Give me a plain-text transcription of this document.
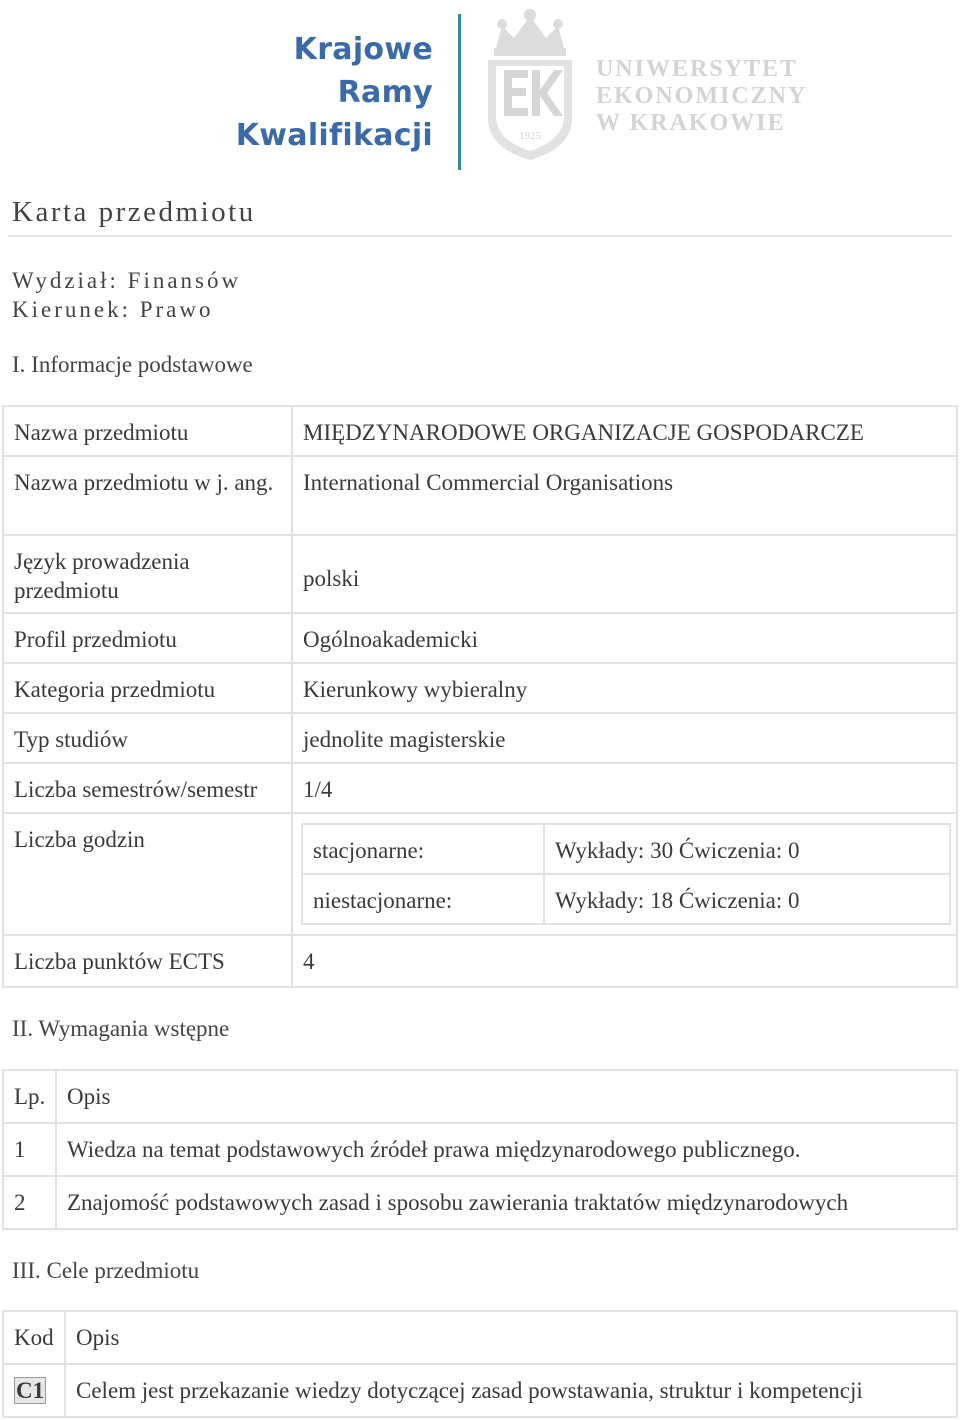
Krajowe
Ramy
Kwalifikacji	1925
UNIWERSYTET
EKONOMICZNY
W KRAKOWIE
Karta przedmiotu
Wydział: Finansów
Kierunek: Prawo
I. Informacje podstawowe
Nazwa przedmiotu	MIĘDZYNARODOWE ORGANIZACJE GOSPODARCZE
Nazwa przedmiotu w j. ang.	International Commercial Organisations
Język prowadzenia przedmiotu	polski
Profil przedmiotu	Ogólnoakademicki
Kategoria przedmiotu	Kierunkowy wybieralny
Typ studiów	jednolite magisterskie
Liczba semestrów/semestr	1/4
Liczba godzin		stacjonarne:	Wykłady: 30 Ćwiczenia: 0
niestacjonarne:	Wykłady: 18 Ćwiczenia: 0

Liczba punktów ECTS	4
II. Wymagania wstępne
Lp.	Opis
1	Wiedza na temat podstawowych źródeł prawa międzynarodowego publicznego.
2	Znajomość podstawowych zasad i sposobu zawierania traktatów międzynarodowych
III. Cele przedmiotu
Kod	Opis
C1	Celem jest przekazanie wiedzy dotyczącej zasad powstawania, struktur i kompetencji
